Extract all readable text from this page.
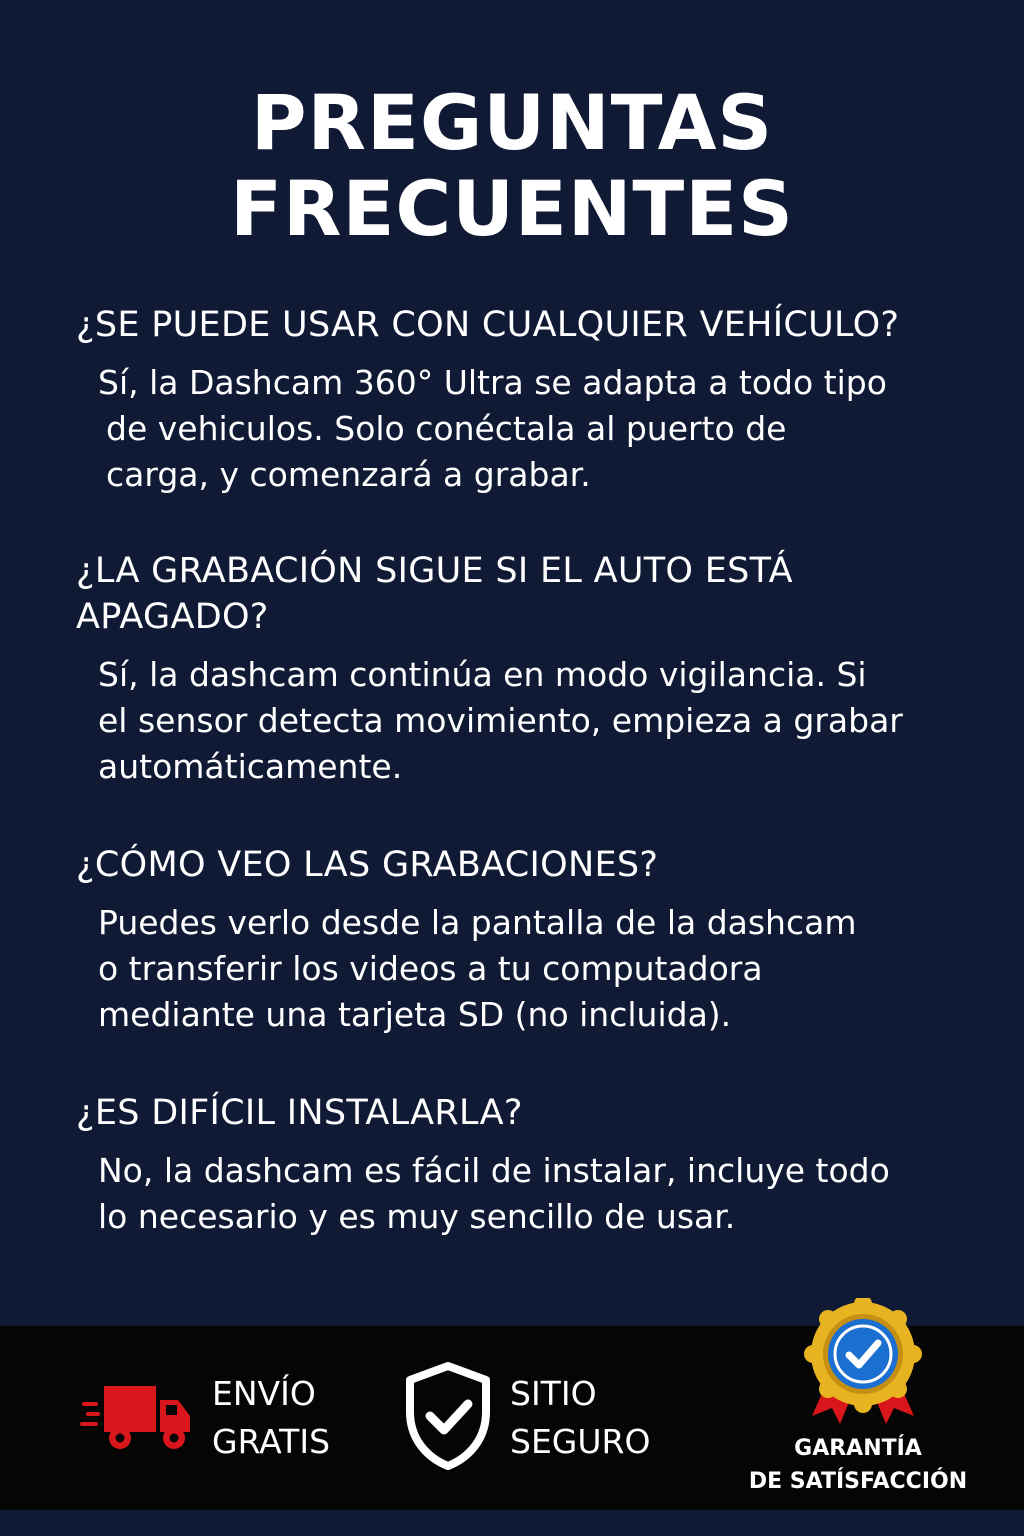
PREGUNTAS
FRECUENTES
¿SE PUEDE USAR CON CUALQUIER VEHÍCULO?

Sí, la Dashcam 360° Ultra se adapta a todo tipo
de vehiculos. Solo conéctala al puerto de
carga, y comenzará a grabar.

¿LA GRABACIÓN SIGUE SI EL AUTO ESTÁ
APAGADO?

Sí, la dashcam continúa en modo vigilancia. Si
el sensor detecta movimiento, empieza a grabar
automáticamente.

¿CÓMO VEO LAS GRABACIONES?

Puedes verlo desde la pantalla de la dashcam
o transferir los videos a tu computadora
mediante una tarjeta SD (no incluida).

¿ES DIFÍCIL INSTALARLA?

No, la dashcam es fácil de instalar, incluye todo
lo necesario y es muy sencillo de usar.

ENVÍO
GRATIS
SITIO
SEGURO	GARANTÍA
DE SATÍSFACCIÓN
